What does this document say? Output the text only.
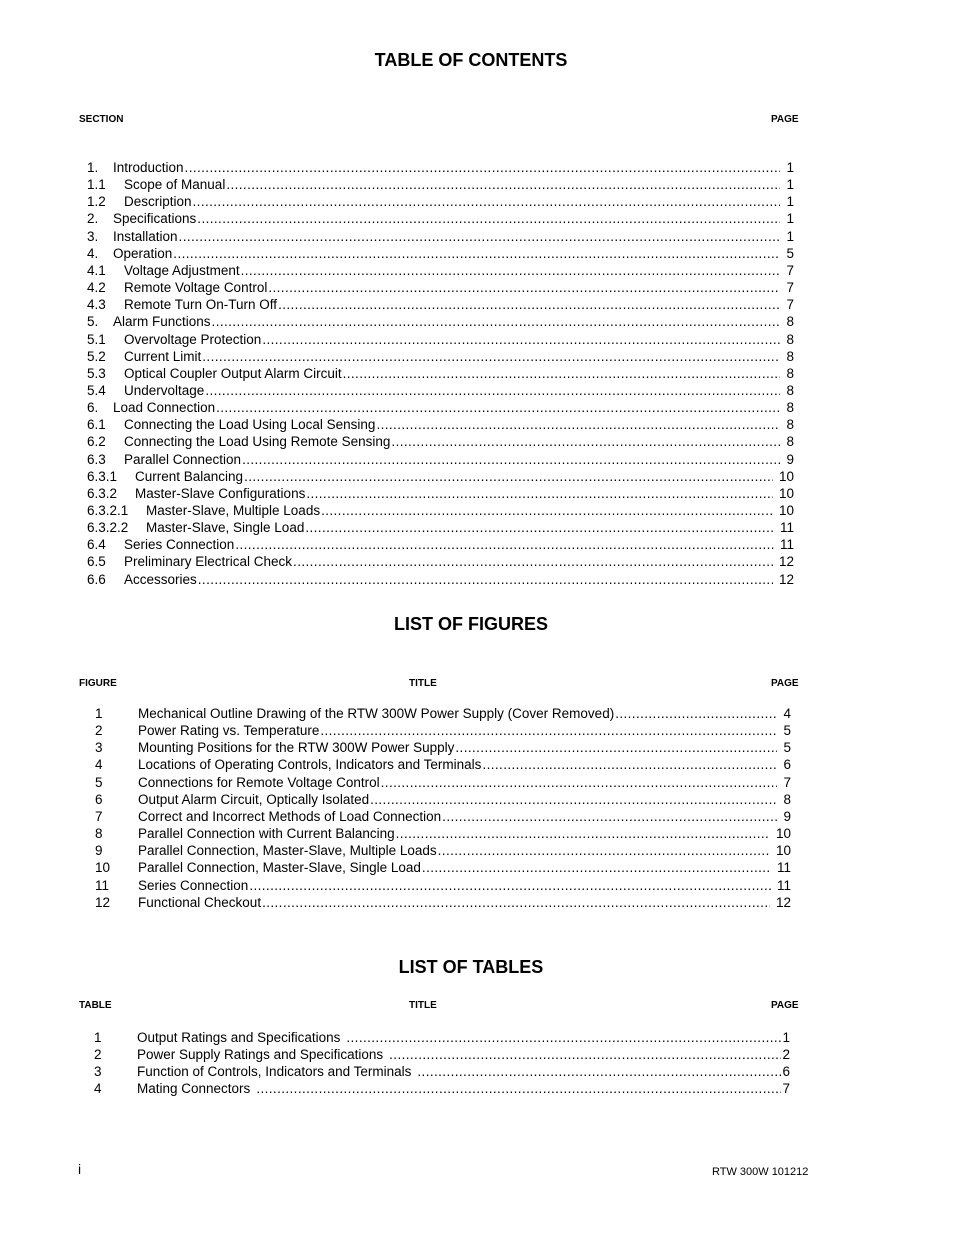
TABLE OF CONTENTS
SECTION	PAGE
1.	Introduction .....	1
1.1	Scope of Manual .....	1
1.2	Description .....	1
2.	Specifications .....	1
3.	Installation .....	1
4.	Operation .....	5
4.1	Voltage Adjustment .....	7
4.2	Remote Voltage Control .....	7
4.3	Remote Turn On-Turn Off .....	7
5.	Alarm Functions .....	8
5.1	Overvoltage Protection .....	8
5.2	Current Limit .....	8
5.3	Optical Coupler Output Alarm Circuit .....	8
5.4	Undervoltage .....	8
6.	Load Connection .....	8
6.1	Connecting the Load Using Local Sensing .....	8
6.2	Connecting the Load Using Remote Sensing .....	8
6.3	Parallel Connection .....	9
6.3.1	Current Balancing .....	10
6.3.2	Master-Slave Configurations .....	10
6.3.2.1	Master-Slave, Multiple Loads .....	10
6.3.2.2	Master-Slave, Single Load .....	11
6.4	Series Connection .....	11
6.5	Preliminary Electrical Check .....	12
6.6	Accessories .....	12
LIST OF FIGURES
FIGURE	TITLE	PAGE
1	Mechanical Outline Drawing of the RTW 300W Power Supply (Cover Removed) .....	4
2	Power Rating vs. Temperature .....	5
3	Mounting Positions for the RTW 300W Power Supply .....	5
4	Locations of Operating Controls, Indicators and Terminals .....	6
5	Connections for Remote Voltage Control .....	7
6	Output Alarm Circuit, Optically Isolated .....	8
7	Correct and Incorrect Methods of Load Connection .....	9
8	Parallel Connection with Current Balancing .....	10
9	Parallel Connection, Master-Slave, Multiple Loads .....	10
10	Parallel Connection, Master-Slave, Single Load .....	11
11	Series Connection .....	11
12	Functional Checkout .....	12
LIST OF TABLES
TABLE	TITLE	PAGE
1	Output Ratings and Specifications .....	1
2	Power Supply Ratings and Specifications .....	2
3	Function of Controls, Indicators and Terminals .....	6
4	Mating Connectors .....	7
i	RTW 300W 101212
